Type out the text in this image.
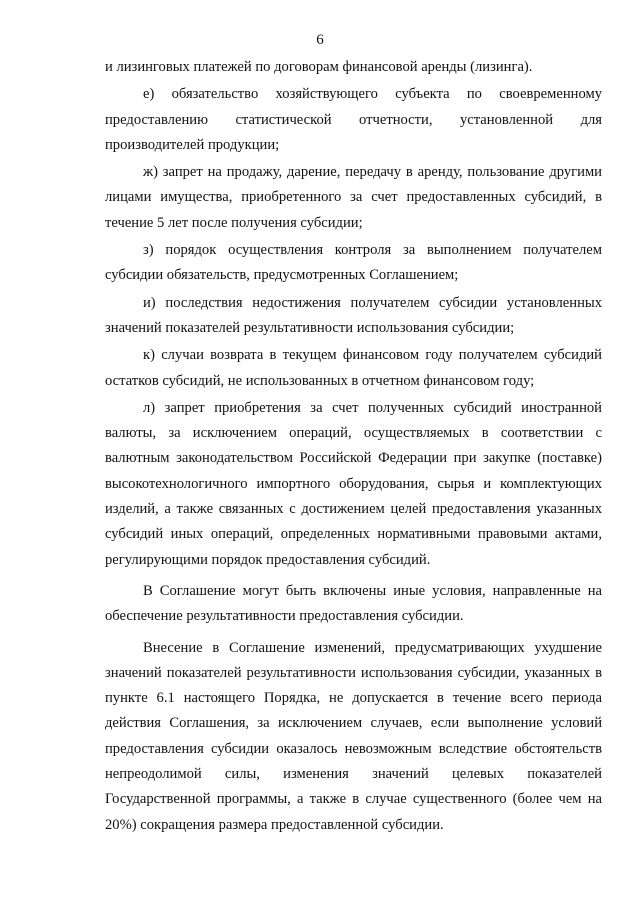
6

и лизинговых платежей по договорам финансовой аренды (лизинга).

е) обязательство хозяйствующего субъекта по своевременному предоставлению статистической отчетности, установленной для производителей продукции;

ж) запрет на продажу, дарение, передачу в аренду, пользование другими лицами имущества, приобретенного за счет предоставленных субсидий, в течение 5 лет после получения субсидии;

з) порядок осуществления контроля за выполнением получателем субсидии обязательств, предусмотренных Соглашением;

и) последствия недостижения получателем субсидии установленных значений показателей результативности использования субсидии;

к) случаи возврата в текущем финансовом году получателем субсидий остатков субсидий, не использованных в отчетном финансовом году;

л) запрет приобретения за счет полученных субсидий иностранной валюты, за исключением операций, осуществляемых в соответствии с валютным законодательством Российской Федерации при закупке (поставке) высокотехнологичного импортного оборудования, сырья и комплектующих изделий, а также связанных с достижением целей предоставления указанных субсидий иных операций, определенных нормативными правовыми актами, регулирующими порядок предоставления субсидий.

В Соглашение могут быть включены иные условия, направленные на обеспечение результативности предоставления субсидии.

Внесение в Соглашение изменений, предусматривающих ухудшение значений показателей результативности использования субсидии, указанных в пункте 6.1 настоящего Порядка, не допускается в течение всего периода действия Соглашения, за исключением случаев, если выполнение условий предоставления субсидии оказалось невозможным вследствие обстоятельств непреодолимой силы, изменения значений целевых показателей Государственной программы, а также в случае существенного (более чем на 20%) сокращения размера предоставленной субсидии.
